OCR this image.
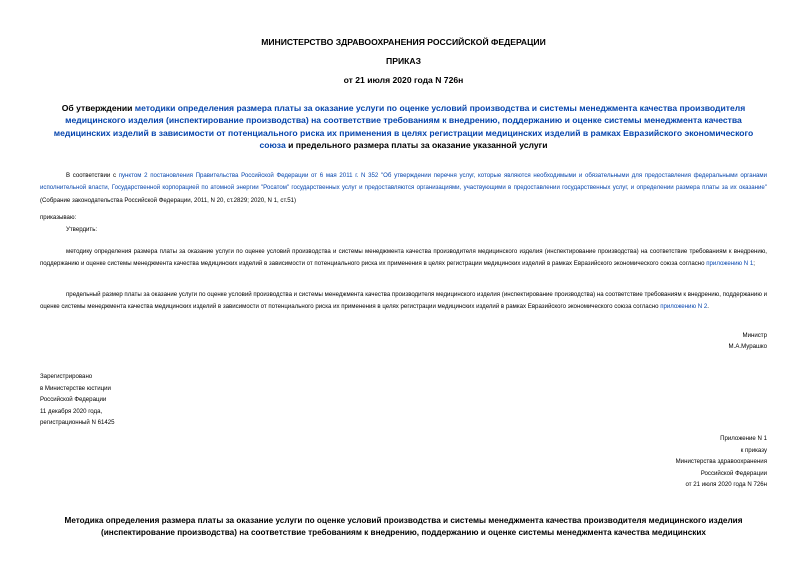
МИНИСТЕРСТВО ЗДРАВООХРАНЕНИЯ РОССИЙСКОЙ ФЕДЕРАЦИИ
ПРИКАЗ
от 21 июля 2020 года N 726н
Об утверждении методики определения размера платы за оказание услуги по оценке условий производства и системы менеджмента качества производителя медицинского изделия (инспектирование производства) на соответствие требованиям к внедрению, поддержанию и оценке системы менеджмента качества медицинских изделий в зависимости от потенциального риска их применения в целях регистрации медицинских изделий в рамках Евразийского экономического союза и предельного размера платы за оказание указанной услуги
В соответствии с пунктом 2 постановления Правительства Российской Федерации от 6 мая 2011 г. N 352 "Об утверждении перечня услуг, которые являются необходимыми и обязательными для предоставления федеральными органами исполнительной власти, Государственной корпорацией по атомной энергии "Росатом" государственных услуг и предоставляются организациями, участвующими в предоставлении государственных услуг, и определении размера платы за их оказание" (Собрание законодательства Российской Федерации, 2011, N 20, ст.2829; 2020, N 1, ст.51)
приказываю:
Утвердить:
методику определения размера платы за оказание услуги по оценке условий производства и системы менеджмента качества производителя медицинского изделия (инспектирование производства) на соответствие требованиям к внедрению, поддержанию и оценке системы менеджмента качества медицинских изделий в зависимости от потенциального риска их применения в целях регистрации медицинских изделий в рамках Евразийского экономического союза согласно приложению N 1;
предельный размер платы за оказание услуги по оценке условий производства и системы менеджмента качества производителя медицинского изделия (инспектирование производства) на соответствие требованиям к внедрению, поддержанию и оценке системы менеджмента качества медицинских изделий в зависимости от потенциального риска их применения в целях регистрации медицинских изделий в рамках Евразийского экономического союза согласно приложению N 2.
Министр
М.А.Мурашко
Зарегистрировано
в Министерстве юстиции
Российской Федерации
11 декабря 2020 года,
регистрационный N 61425
Приложение N 1
к приказу
Министерства здравоохранения
Российской Федерации
от 21 июля 2020 года N 726н
Методика определения размера платы за оказание услуги по оценке условий производства и системы менеджмента качества производителя медицинского изделия (инспектирование производства) на соответствие требованиям к внедрению, поддержанию и оценке системы менеджмента качества медицинских
